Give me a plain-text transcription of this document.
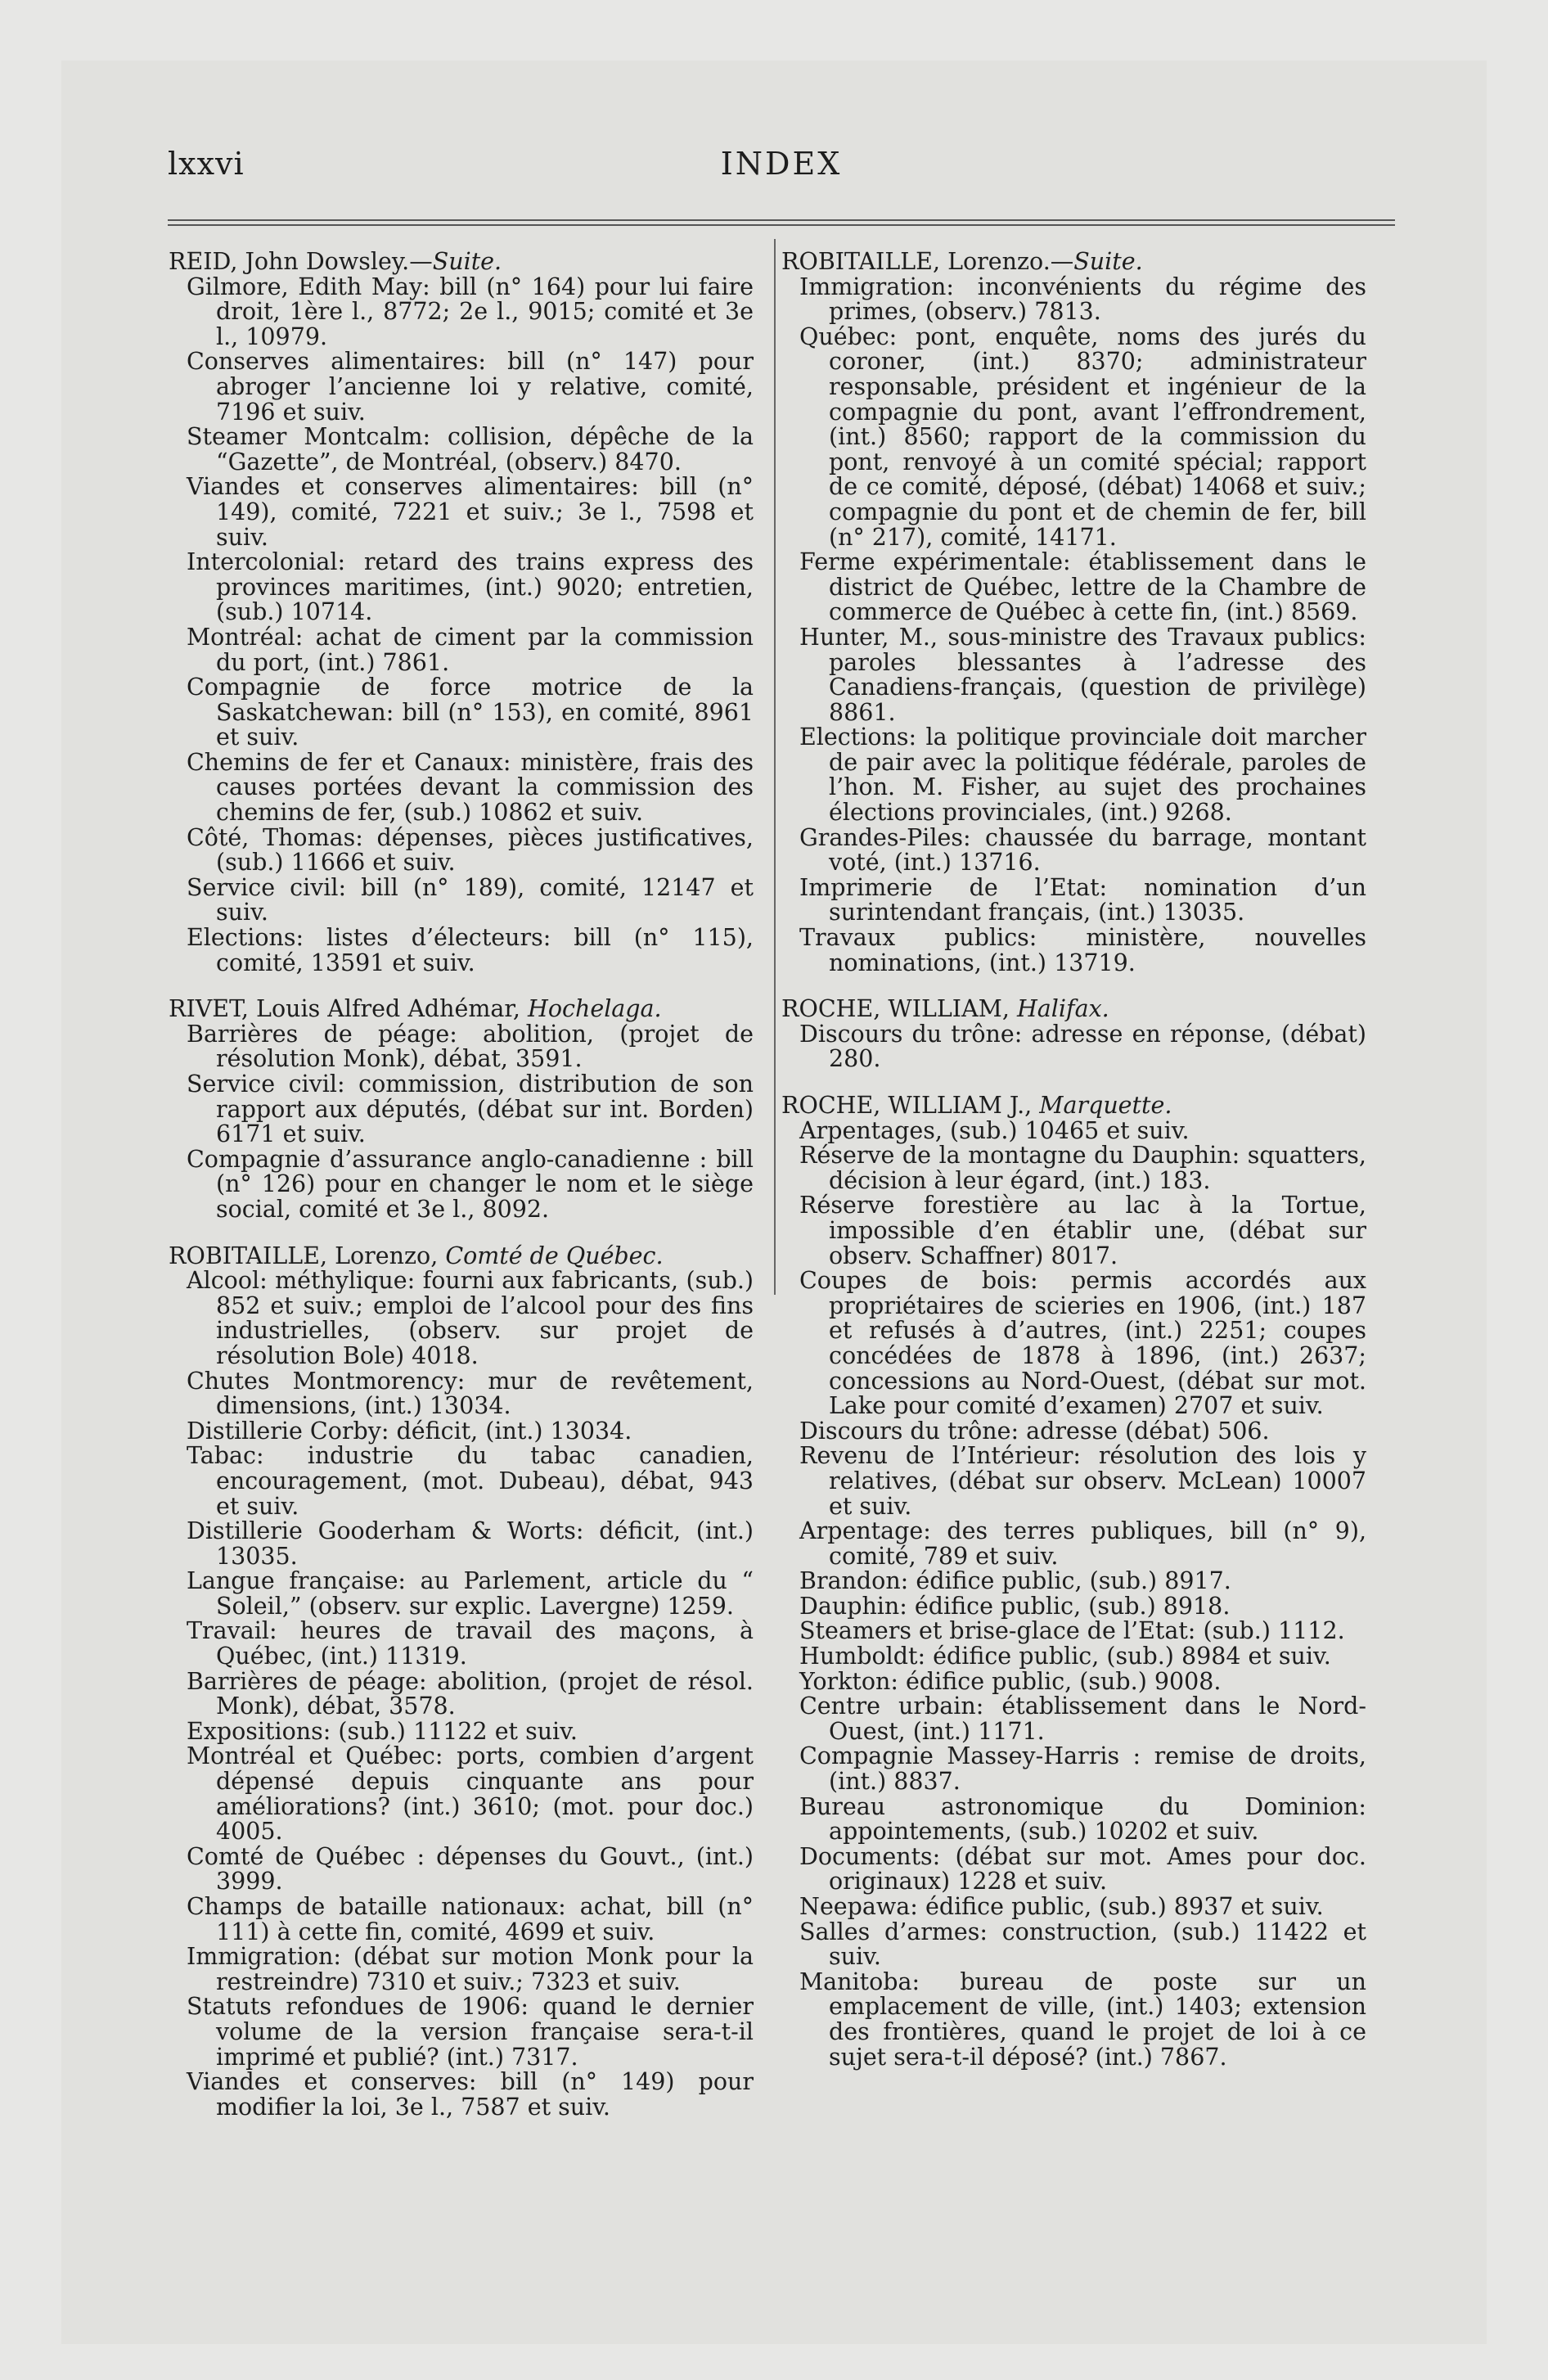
lxxvi	INDEX

REID, John Dowsley.—Suite.

Gilmore, Edith May: bill (n° 164) pour lui faire droit, 1ère l., 8772; 2e l., 9015; comité et 3e l., 10979.

Conserves alimentaires: bill (n° 147) pour abroger l’ancienne loi y relative, comité, 7196 et suiv.

Steamer Montcalm: collision, dépêche de la “Gazette”, de Montréal, (observ.) 8470.

Viandes et conserves alimentaires: bill (n° 149), comité, 7221 et suiv.; 3e l., 7598 et suiv.

Intercolonial: retard des trains express des provinces maritimes, (int.) 9020; entretien, (sub.) 10714.

Montréal: achat de ciment par la commission du port, (int.) 7861.

Compagnie de force motrice de la Saskatchewan: bill (n° 153), en comité, 8961 et suiv.

Chemins de fer et Canaux: ministère, frais des causes portées devant la commission des chemins de fer, (sub.) 10862 et suiv.

Côté, Thomas: dépenses, pièces justificatives, (sub.) 11666 et suiv.

Service civil: bill (n° 189), comité, 12147 et suiv.

Elections: listes d’électeurs: bill (n° 115), comité, 13591 et suiv.

RIVET, Louis Alfred Adhémar, Hochelaga.

Barrières de péage: abolition, (projet de résolution Monk), débat, 3591.

Service civil: commission, distribution de son rapport aux députés, (débat sur int. Borden) 6171 et suiv.

Compagnie d’assurance anglo-canadienne : bill (n° 126) pour en changer le nom et le siège social, comité et 3e l., 8092.

ROBITAILLE, Lorenzo, Comté de Québec.

Alcool: méthylique: fourni aux fabricants, (sub.) 852 et suiv.; emploi de l’alcool pour des fins industrielles, (observ. sur projet de résolution Bole) 4018.

Chutes Montmorency: mur de revêtement, dimensions, (int.) 13034.

Distillerie Corby: déficit, (int.) 13034.

Tabac: industrie du tabac canadien, encouragement, (mot. Dubeau), débat, 943 et suiv.

Distillerie Gooderham & Worts: déficit, (int.) 13035.

Langue française: au Parlement, article du “ Soleil,” (observ. sur explic. Lavergne) 1259.

Travail: heures de travail des maçons, à Québec, (int.) 11319.

Barrières de péage: abolition, (projet de résol. Monk), débat, 3578.

Expositions: (sub.) 11122 et suiv.

Montréal et Québec: ports, combien d’argent dépensé depuis cinquante ans pour améliorations? (int.) 3610; (mot. pour doc.) 4005.

Comté de Québec : dépenses du Gouvt., (int.) 3999.

Champs de bataille nationaux: achat, bill (n° 111) à cette fin, comité, 4699 et suiv.

Immigration: (débat sur motion Monk pour la restreindre) 7310 et suiv.; 7323 et suiv.

Statuts refondues de 1906: quand le dernier volume de la version française sera-t-il imprimé et publié? (int.) 7317.

Viandes et conserves: bill (n° 149) pour modifier la loi, 3e l., 7587 et suiv.

ROBITAILLE, Lorenzo.—Suite.

Immigration: inconvénients du régime des primes, (observ.) 7813.

Québec: pont, enquête, noms des jurés du coroner, (int.) 8370; administrateur responsable, président et ingénieur de la compagnie du pont, avant l’effrondrement, (int.) 8560; rapport de la commission du pont, renvoyé à un comité spécial; rapport de ce comité, déposé, (débat) 14068 et suiv.; compagnie du pont et de chemin de fer, bill (n° 217), comité, 14171.

Ferme expérimentale: établissement dans le district de Québec, lettre de la Chambre de commerce de Québec à cette fin, (int.) 8569.

Hunter, M., sous-ministre des Travaux publics: paroles blessantes à l’adresse des Canadiens-français, (question de privilège) 8861.

Elections: la politique provinciale doit marcher de pair avec la politique fédérale, paroles de l’hon. M. Fisher, au sujet des prochaines élections provinciales, (int.) 9268.

Grandes-Piles: chaussée du barrage, montant voté, (int.) 13716.

Imprimerie de l’Etat: nomination d’un surintendant français, (int.) 13035.

Travaux publics: ministère, nouvelles nominations, (int.) 13719.

ROCHE, WILLIAM, Halifax.

Discours du trône: adresse en réponse, (débat) 280.

ROCHE, WILLIAM J., Marquette.

Arpentages, (sub.) 10465 et suiv.

Réserve de la montagne du Dauphin: squatters, décision à leur égard, (int.) 183.

Réserve forestière au lac à la Tortue, impossible d’en établir une, (débat sur observ. Schaffner) 8017.

Coupes de bois: permis accordés aux propriétaires de scieries en 1906, (int.) 187 et refusés à d’autres, (int.) 2251; coupes concédées de 1878 à 1896, (int.) 2637; concessions au Nord-Ouest, (débat sur mot. Lake pour comité d’examen) 2707 et suiv.

Discours du trône: adresse (débat) 506.

Revenu de l’Intérieur: résolution des lois y relatives, (débat sur observ. McLean) 10007 et suiv.

Arpentage: des terres publiques, bill (n° 9), comité, 789 et suiv.

Brandon: édifice public, (sub.) 8917.

Dauphin: édifice public, (sub.) 8918.

Steamers et brise-glace de l’Etat: (sub.) 1112.

Humboldt: édifice public, (sub.) 8984 et suiv.

Yorkton: édifice public, (sub.) 9008.

Centre urbain: établissement dans le Nord-Ouest, (int.) 1171.

Compagnie Massey-Harris : remise de droits, (int.) 8837.

Bureau astronomique du Dominion: appointements, (sub.) 10202 et suiv.

Documents: (débat sur mot. Ames pour doc. originaux) 1228 et suiv.

Neepawa: édifice public, (sub.) 8937 et suiv.

Salles d’armes: construction, (sub.) 11422 et suiv.

Manitoba: bureau de poste sur un emplacement de ville, (int.) 1403; extension des frontières, quand le projet de loi à ce sujet sera-t-il déposé? (int.) 7867.
